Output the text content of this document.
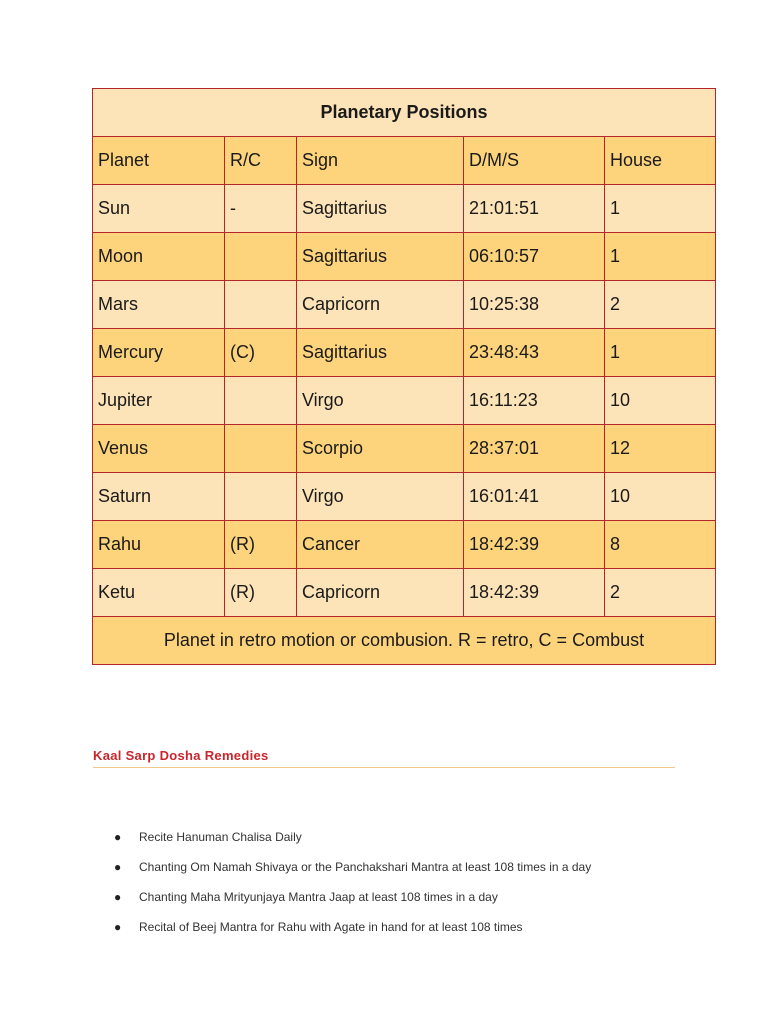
Planetary Positions				
Planet	R/C	Sign	D/M/S	House
Sun	-	Sagittarius	21:01:51	1
Moon		Sagittarius	06:10:57	1
Mars		Capricorn	10:25:38	2
Mercury	(C)	Sagittarius	23:48:43	1
Jupiter		Virgo	16:11:23	10
Venus		Scorpio	28:37:01	12
Saturn		Virgo	16:01:41	10
Rahu	(R)	Cancer	18:42:39	8
Ketu	(R)	Capricorn	18:42:39	2
Planet in retro motion or combusion. R = retro, C = Combust				
Kaal Sarp Dosha Remedies
● Recite Hanuman Chalisa Daily
● Chanting Om Namah Shivaya or the Panchakshari Mantra at least 108 times in a day
● Chanting Maha Mrityunjaya Mantra Jaap at least 108 times in a day
● Recital of Beej Mantra for Rahu with Agate in hand for at least 108 times
